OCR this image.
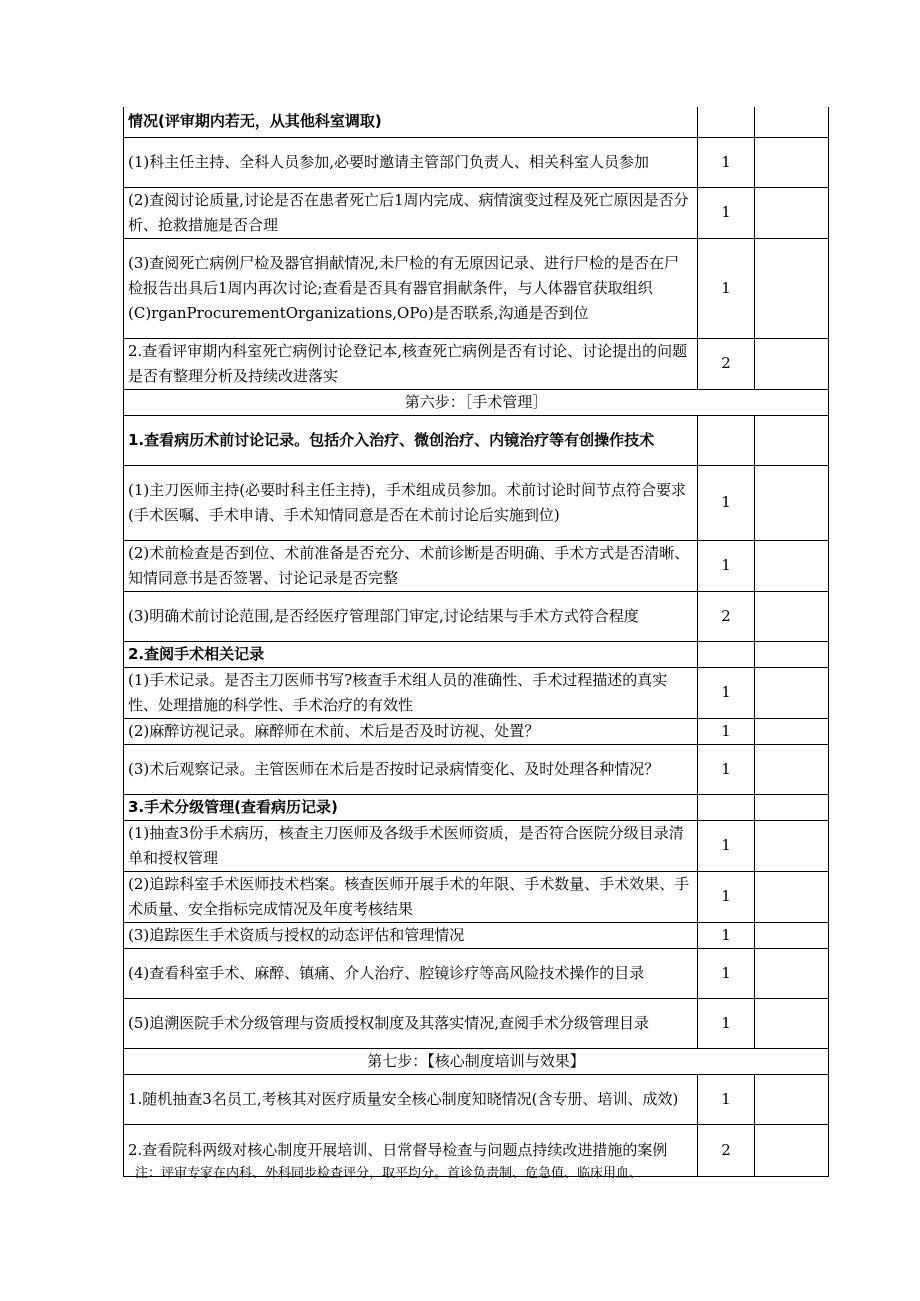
情况(评审期内若无，从其他科室调取)		
(1)科主任主持、全科人员参加,必要时邀请主管部门负责人、相关科室人员参加	1	
(2)查阅讨论质量,讨论是否在患者死亡后1周内完成、病情演变过程及死亡原因是否分析、抢救措施是否合理	1	
(3)查阅死亡病例尸检及器官捐献情况,未尸检的有无原因记录、进行尸检的是否在尸检报告出具后1周内再次讨论;查看是否具有器官捐献条件，与人体器官获取组织(C)rganProcurementOrganizations,OPo)是否联系,沟通是否到位	1	
2.查看评审期内科室死亡病例讨论登记本,核查死亡病例是否有讨论、讨论提出的问题是否有整理分析及持续改进落实	2	
第六步：［手术管理］		
1.查看病历术前讨论记录。包括介入治疗、微创治疗、内镜治疗等有创操作技术		
(1)主刀医师主持(必要时科主任主持)，手术组成员参加。术前讨论时间节点符合要求(手术医嘱、手术申请、手术知情同意是否在术前讨论后实施到位)	1	
(2)术前检查是否到位、术前准备是否充分、术前诊断是否明确、手术方式是否清晰、知情同意书是否签署、讨论记录是否完整	1	
(3)明确术前讨论范围,是否经医疗管理部门审定,讨论结果与手术方式符合程度	2	
2.查阅手术相关记录		
(1)手术记录。是否主刀医师书写?核查手术组人员的准确性、手术过程描述的真实性、处理措施的科学性、手术治疗的有效性	1	
(2)麻醉访视记录。麻醉师在术前、术后是否及时访视、处置？	1	
(3)术后观察记录。主管医师在术后是否按时记录病情变化、及时处理各种情况？	1	
3.手术分级管理(查看病历记录)		
(1)抽查3份手术病历，核查主刀医师及各级手术医师资质，是否符合医院分级目录清单和授权管理	1	
(2)追踪科室手术医师技术档案。核查医师开展手术的年限、手术数量、手术效果、手术质量、安全指标完成情况及年度考核结果	1	
(3)追踪医生手术资质与授权的动态评估和管理情况	1	
(4)查看科室手术、麻醉、镇痛、介人治疗、腔镜诊疗等高风险技术操作的目录	1	
(5)追溯医院手术分级管理与资质授权制度及其落实情况,查阅手术分级管理目录	1	
第七步：【核心制度培训与效果】		
1.随机抽查3名员工,考核其对医疗质量安全核心制度知晓情况(含专册、培训、成效)	1	
2.查看院科两级对核心制度开展培训、日常督导检查与问题点持续改进措施的案例	2	
注：评审专家在内科、外科同步检查评分，取平均分。首诊负责制、危急值、临床用血、
